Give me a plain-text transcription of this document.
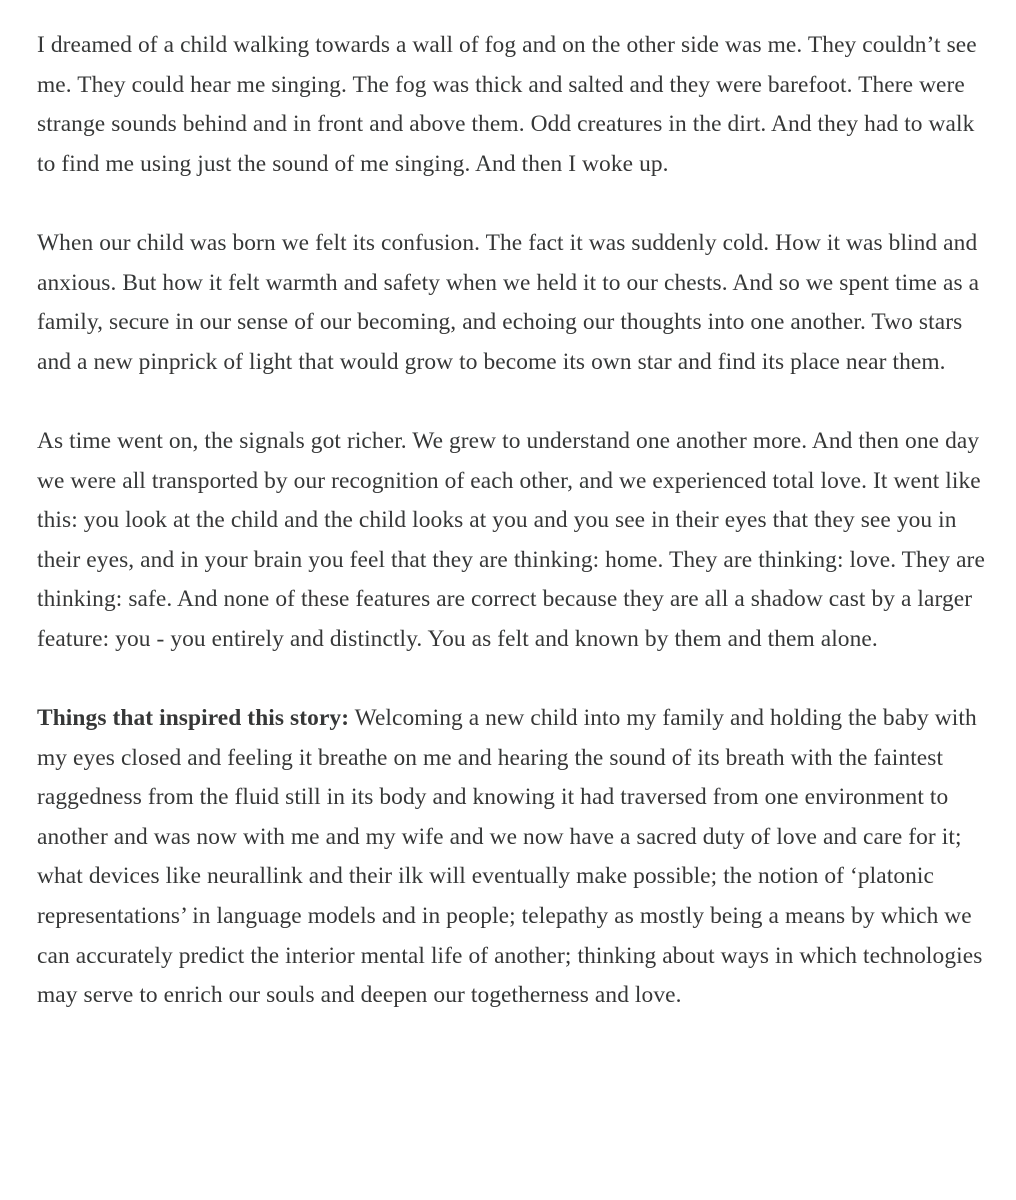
I dreamed of a child walking towards a wall of fog and on the other side was me. They couldn’t see me. They could hear me singing. The fog was thick and salted and they were barefoot. There were strange sounds behind and in front and above them. Odd creatures in the dirt. And they had to walk to find me using just the sound of me singing. And then I woke up.

When our child was born we felt its confusion. The fact it was suddenly cold. How it was blind and anxious. But how it felt warmth and safety when we held it to our chests. And so we spent time as a family, secure in our sense of our becoming, and echoing our thoughts into one another. Two stars and a new pinprick of light that would grow to become its own star and find its place near them.

As time went on, the signals got richer. We grew to understand one another more. And then one day we were all transported by our recognition of each other, and we experienced total love. It went like this: you look at the child and the child looks at you and you see in their eyes that they see you in their eyes, and in your brain you feel that they are thinking: home. They are thinking: love. They are thinking: safe. And none of these features are correct because they are all a shadow cast by a larger feature: you - you entirely and distinctly. You as felt and known by them and them alone.

Things that inspired this story: Welcoming a new child into my family and holding the baby with my eyes closed and feeling it breathe on me and hearing the sound of its breath with the faintest raggedness from the fluid still in its body and knowing it had traversed from one environment to another and was now with me and my wife and we now have a sacred duty of love and care for it; what devices like neurallink and their ilk will eventually make possible; the notion of ‘platonic representations’ in language models and in people; telepathy as mostly being a means by which we can accurately predict the interior mental life of another; thinking about ways in which technologies may serve to enrich our souls and deepen our togetherness and love.
